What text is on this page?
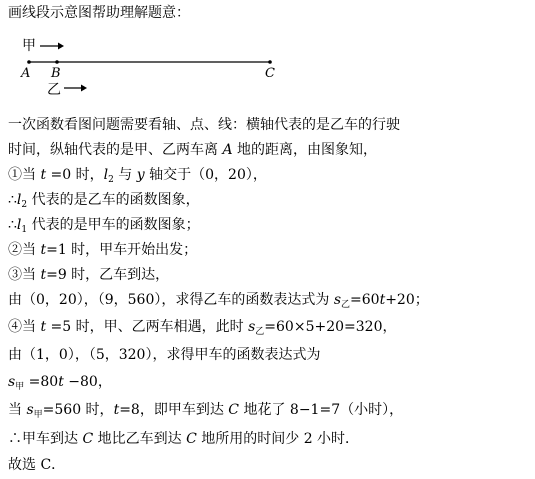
画线段示意图帮助理解题意：
甲
A B	C
乙
一次函数看图问题需要看轴、点、线：横轴代表的是乙车的行驶
时间，纵轴代表的是甲、乙两车离 A 地的距离，由图象知，
①当 t =0 时，$l_2$ 与 y 轴交于（0，20），
$\therefore l_2$ 代表的是乙车的函数图象，
$\therefore l_1$ 代表的是甲车的函数图象；
②当 t=1 时，甲车开始出发；
③当 t=9 时，乙车到达，
由（0，20），（9，560），求得乙车的函数表达式为 $s_乙=60t+20$；
④当 t =5 时，甲、乙两车相遇，此时 $s_乙=60\times 5+20=320$，
由（1，0），（5，320），求得甲车的函数表达式为
$s_甲 =80t -80$，
当 $s_甲=560$ 时，t=8，即甲车到达 C 地花了 8−1=7（小时），
∴甲车到达 C 地比乙车到达 C 地所用的时间少 2 小时．
故选 C．
